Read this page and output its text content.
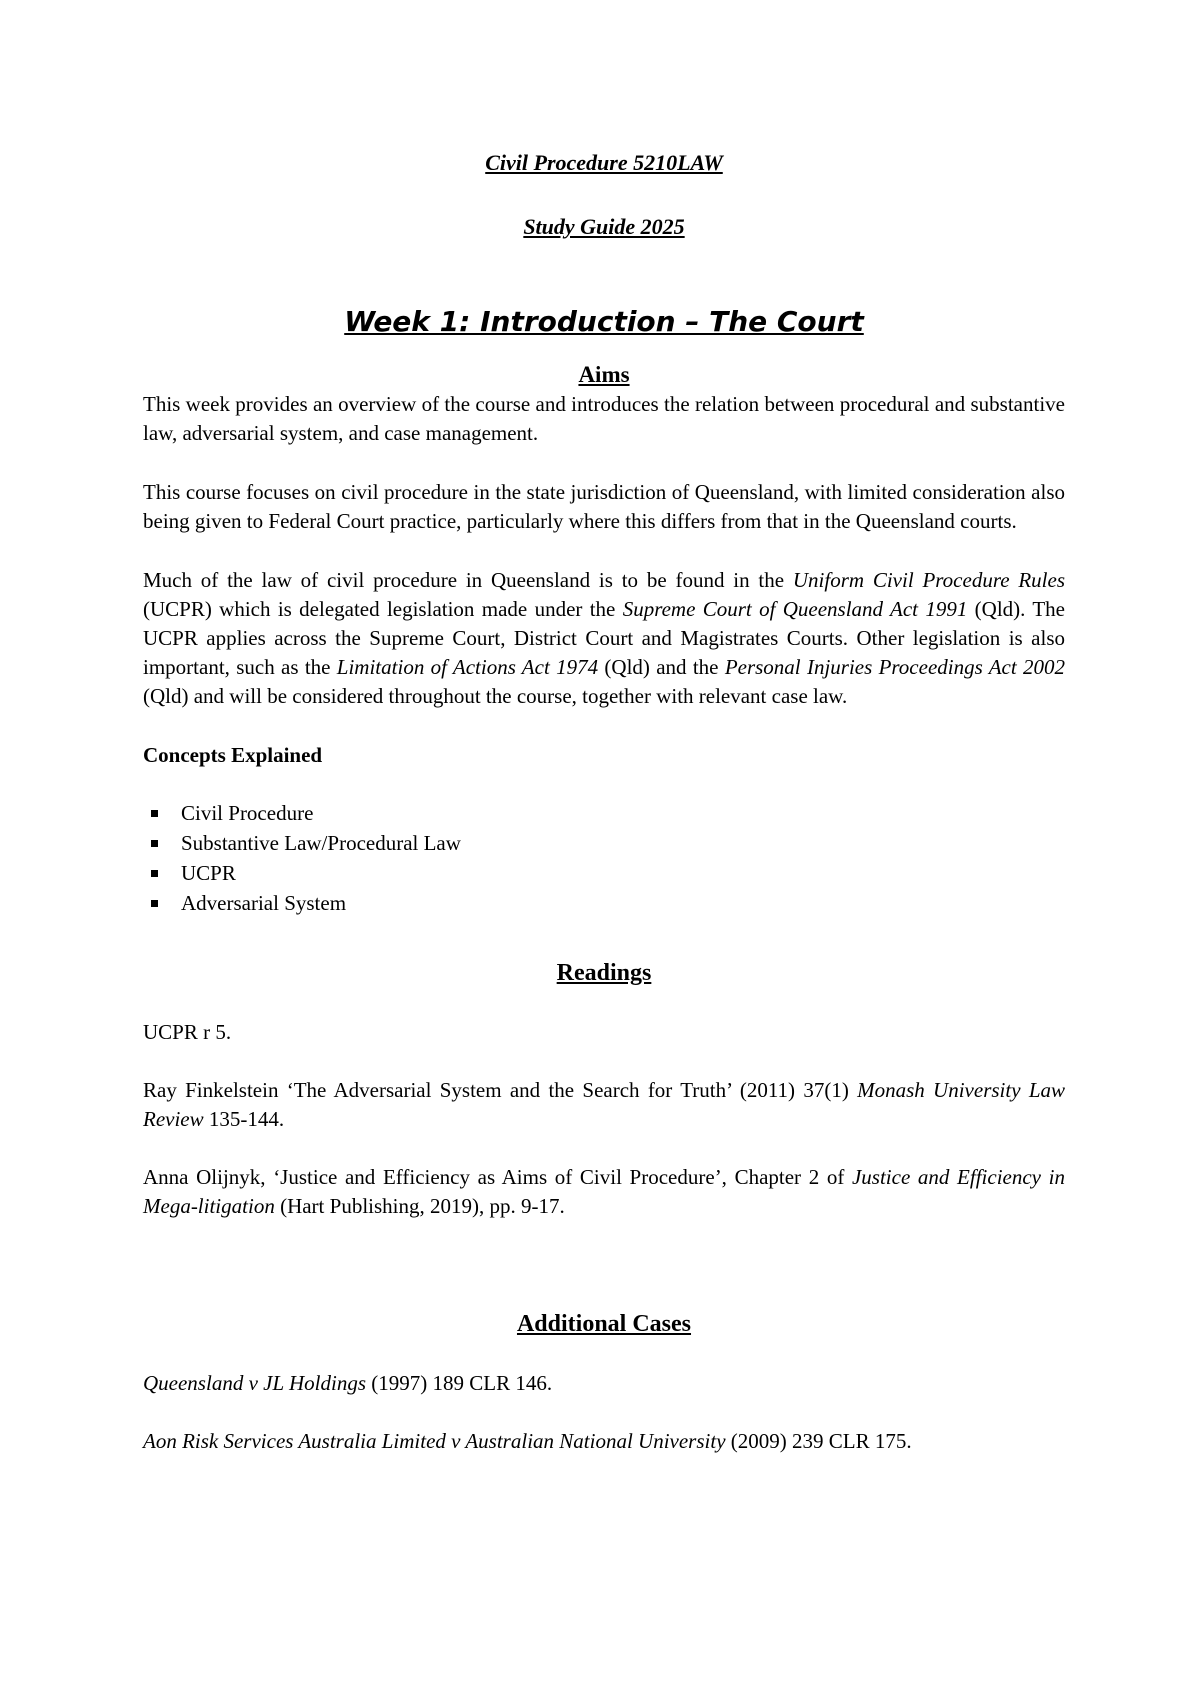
Civil Procedure 5210LAW

Study Guide 2025

Week 1: Introduction – The Court

Aims

This week provides an overview of the course and introduces the relation between procedural and substantive law, adversarial system, and case management.

This course focuses on civil procedure in the state jurisdiction of Queensland, with limited consideration also being given to Federal Court practice, particularly where this differs from that in the Queensland courts.

Much of the law of civil procedure in Queensland is to be found in the Uniform Civil Procedure Rules (UCPR) which is delegated legislation made under the Supreme Court of Queensland Act 1991 (Qld). The UCPR applies across the Supreme Court, District Court and Magistrates Courts. Other legislation is also important, such as the Limitation of Actions Act 1974 (Qld) and the Personal Injuries Proceedings Act 2002 (Qld) and will be considered throughout the course, together with relevant case law.

Concepts Explained

Civil Procedure
Substantive Law/Procedural Law
UCPR
Adversarial System

Readings

UCPR r 5.

Ray Finkelstein ‘The Adversarial System and the Search for Truth’ (2011) 37(1) Monash University Law Review 135-144.

Anna Olijnyk, ‘Justice and Efficiency as Aims of Civil Procedure’, Chapter 2 of Justice and Efficiency in Mega-litigation (Hart Publishing, 2019), pp. 9-17.

Additional Cases

Queensland v JL Holdings (1997) 189 CLR 146.

Aon Risk Services Australia Limited v Australian National University (2009) 239 CLR 175.
